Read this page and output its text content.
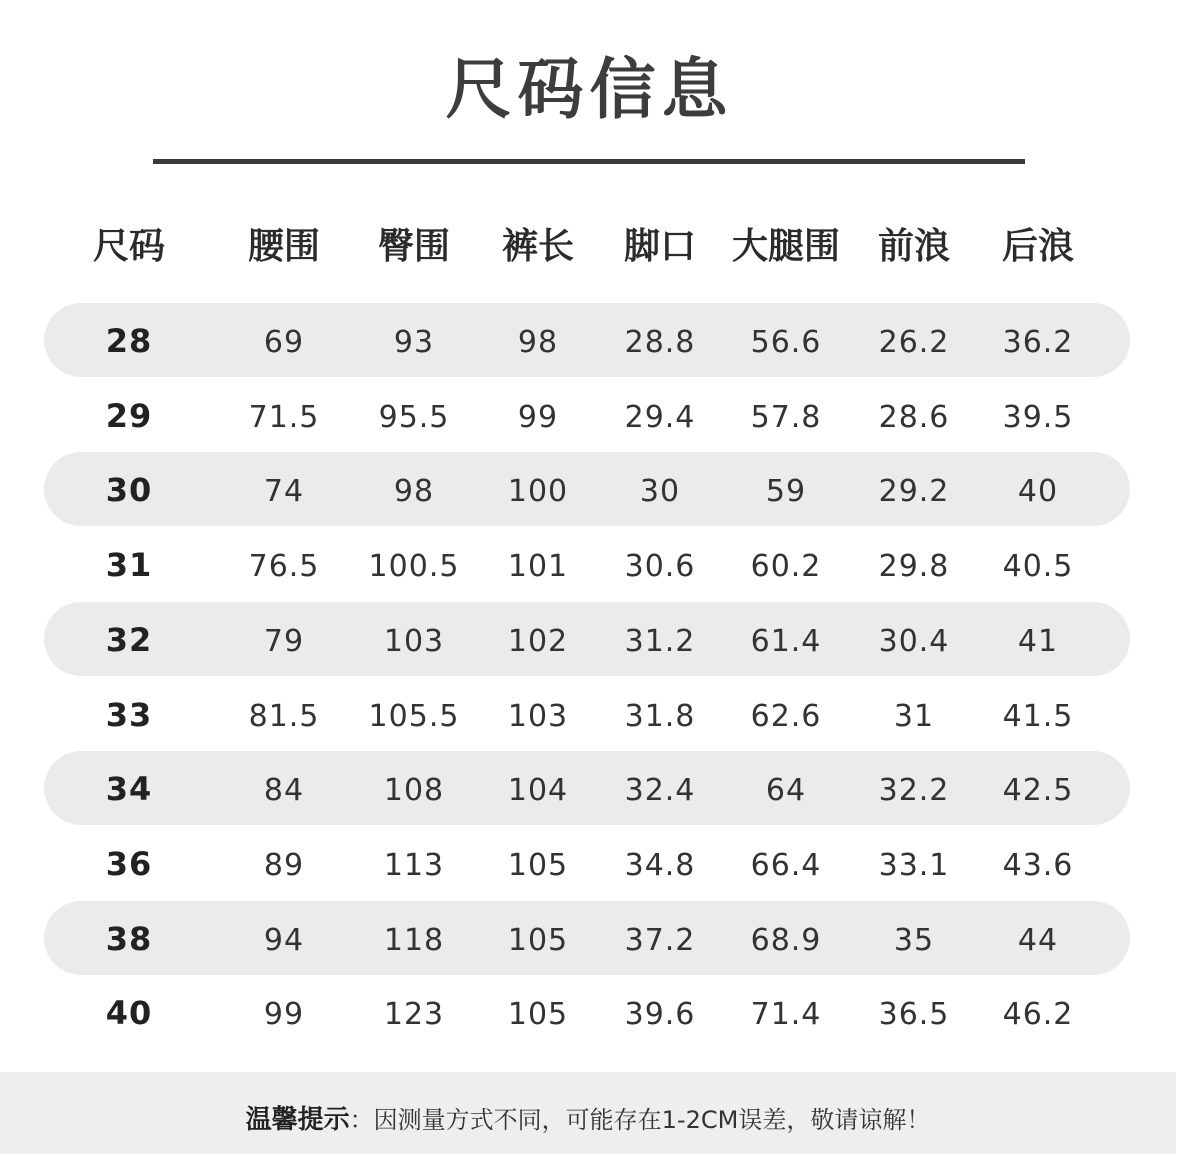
尺码信息
尺码 腰围 臀围 裤长 脚口 大腿围 前浪 后浪
28	69	93	98 28.8 56.6 26.2 36.2
29	71.5 95.5 99 29.4 57.8 28.6 39.5
30	74	98 100 30	59 29.2 40
31	76.5 100.5 101 30.6 60.2 29.8 40.5
32	79	103 102 31.2 61.4 30.4 41
33	81.5 105.5 103 31.8 62.6 31 41.5
34	84	108 104 32.4 64 32.2 42.5
36	89	113 105 34.8 66.4 33.1 43.6
38	94	118 105 37.2 68.9 35	44
40	99	123 105 39.6 71.4 36.5 46.2
温馨提示：因测量方式不同，可能存在1-2CM误差，敬请谅解！
